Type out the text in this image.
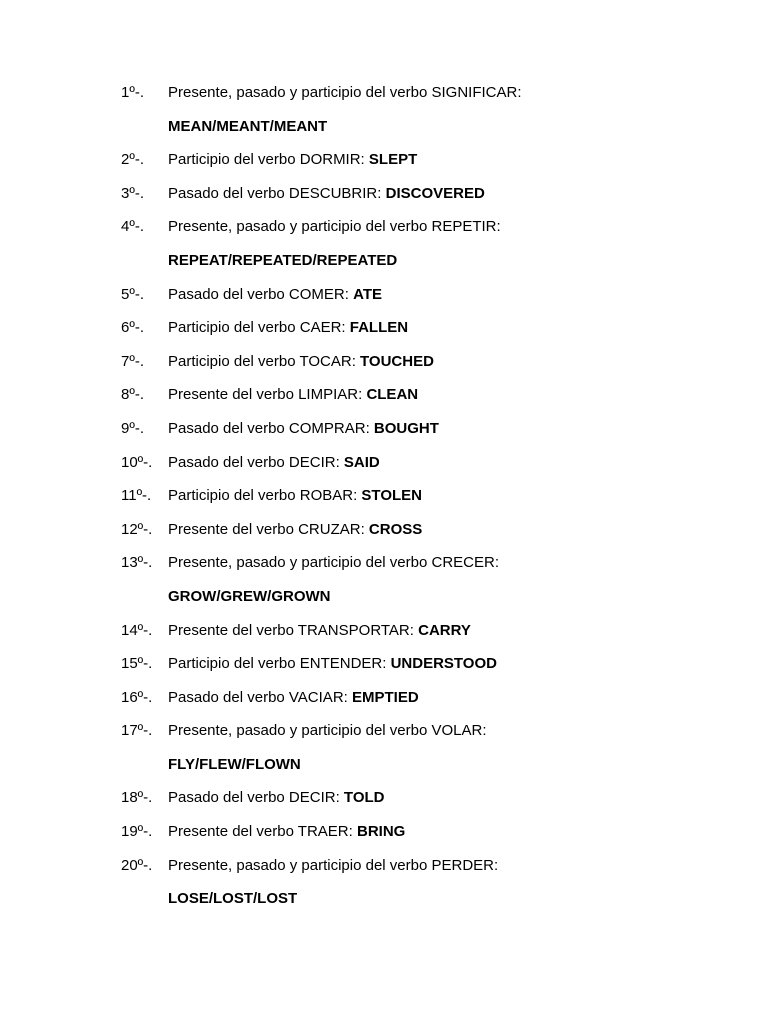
1º-.	Presente, pasado y participio del verbo SIGNIFICAR:
MEAN/MEANT/MEANT
2º-.	Participio del verbo DORMIR: SLEPT
3º-.	Pasado del verbo DESCUBRIR: DISCOVERED
4º-.	Presente, pasado y participio del verbo REPETIR:
REPEAT/REPEATED/REPEATED
5º-.	Pasado del verbo COMER: ATE
6º-.	Participio del verbo CAER: FALLEN
7º-.	Participio del verbo TOCAR: TOUCHED
8º-.	Presente del verbo LIMPIAR: CLEAN
9º-.	Pasado del verbo COMPRAR: BOUGHT
10º-.	Pasado del verbo DECIR: SAID
11º-.	Participio del verbo ROBAR: STOLEN
12º-.	Presente del verbo CRUZAR: CROSS
13º-.	Presente, pasado y participio del verbo CRECER:
GROW/GREW/GROWN
14º-.	Presente del verbo TRANSPORTAR: CARRY
15º-.	Participio del verbo ENTENDER: UNDERSTOOD
16º-.	Pasado del verbo VACIAR: EMPTIED
17º-.	Presente, pasado y participio del verbo VOLAR:
FLY/FLEW/FLOWN
18º-.	Pasado del verbo DECIR: TOLD
19º-.	Presente del verbo TRAER: BRING
20º-.	Presente, pasado y participio del verbo PERDER:
LOSE/LOST/LOST
